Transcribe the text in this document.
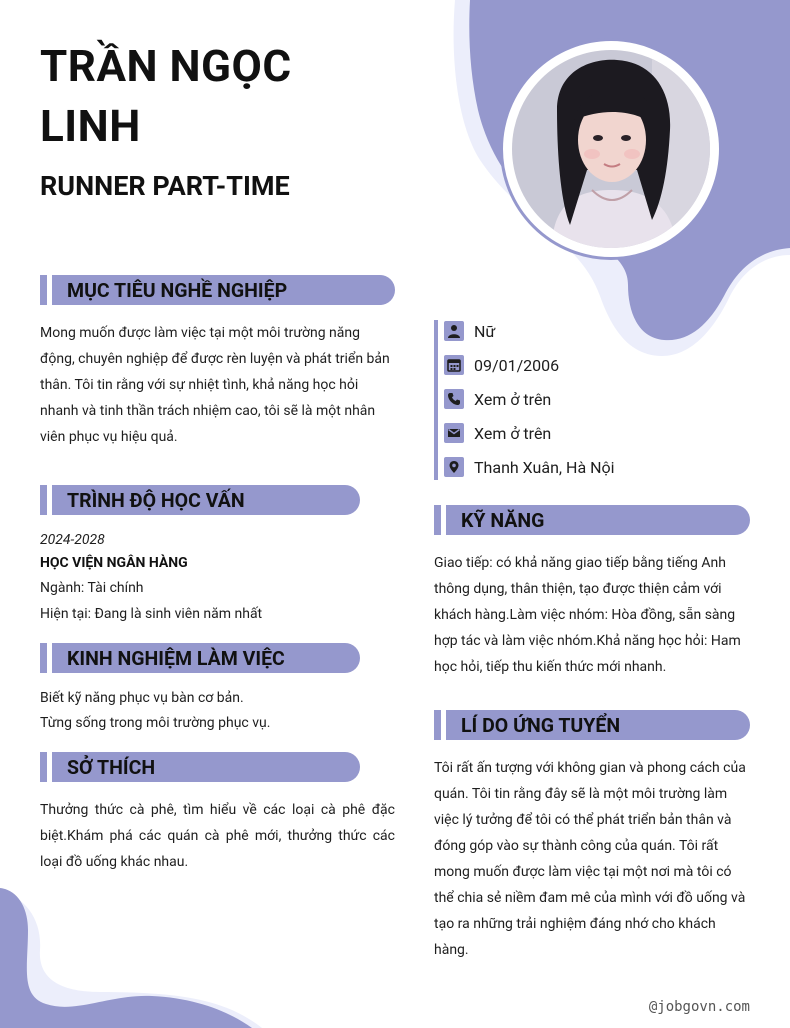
TRẦN NGỌC LINH
RUNNER PART-TIME
MỤC TIÊU NGHỀ NGHIỆP
Mong muốn được làm việc tại một môi trường năng động, chuyên nghiệp để được rèn luyện và phát triển bản thân. Tôi tin rằng với sự nhiệt tình, khả năng học hỏi nhanh và tinh thần trách nhiệm cao, tôi sẽ là một nhân viên phục vụ hiệu quả.
TRÌNH ĐỘ HỌC VẤN
2024-2028
HỌC VIỆN NGÂN HÀNG
Ngành: Tài chính
Hiện tại: Đang là sinh viên năm nhất
KINH NGHIỆM LÀM VIỆC
Biết kỹ năng phục vụ bàn cơ bản.
Từng sống trong môi trường phục vụ.
SỞ THÍCH
Thưởng thức cà phê, tìm hiểu về các loại cà phê đặc biệt.Khám phá các quán cà phê mới, thưởng thức các loại đồ uống khác nhau.
Nữ
09/01/2006
Xem ở trên
Xem ở trên
Thanh Xuân, Hà Nội
KỸ NĂNG
Giao tiếp: có khả năng giao tiếp bằng tiếng Anh thông dụng, thân thiện, tạo được thiện cảm với khách hàng.Làm việc nhóm: Hòa đồng, sẵn sàng hợp tác và làm việc nhóm.Khả năng học hỏi: Ham học hỏi, tiếp thu kiến thức mới nhanh.
LÍ DO ỨNG TUYỂN
Tôi rất ấn tượng với không gian và phong cách của quán. Tôi tin rằng đây sẽ là một môi trường làm việc lý tưởng để tôi có thể phát triển bản thân và đóng góp vào sự thành công của quán. Tôi rất mong muốn được làm việc tại một nơi mà tôi có thể chia sẻ niềm đam mê của mình với đồ uống và tạo ra những trải nghiệm đáng nhớ cho khách hàng.
@jobgovn.com
